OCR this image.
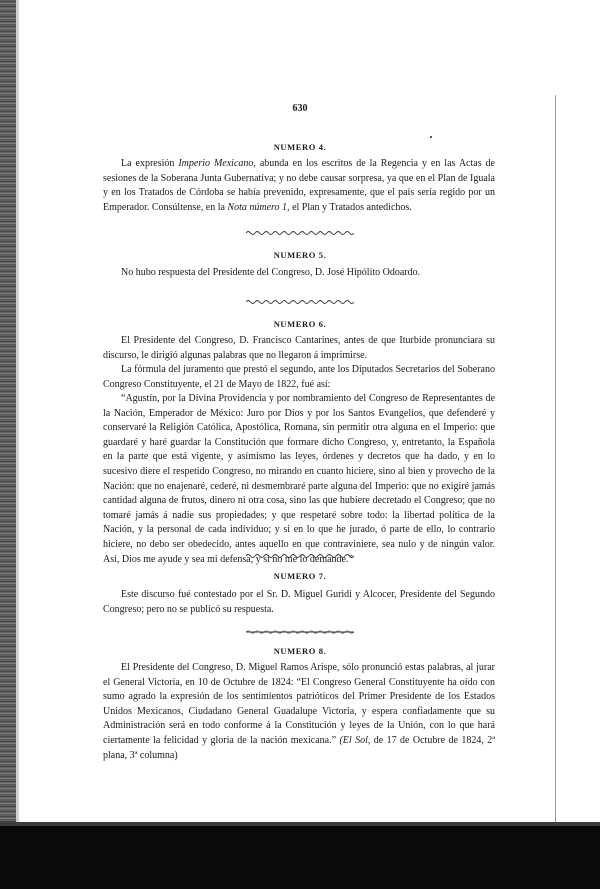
630
NUMERO 4.

La expresión Imperio Mexicano, abunda en los escritos de la Regencia y en las Actas de sesiones de la Soberana Junta Gubernativa; y no debe causar sorpresa, ya que en el Plan de Iguala y en los Tratados de Córdoba se había prevenido, expresamente, que el país sería regido por un Emperador. Consúltense, en la Nota número 1, el Plan y Tratados antedichos.

NUMERO 5.

No hubo respuesta del Presidente del Congreso, D. José Hipólito Odoardo.

NUMERO 6.

El Presidente del Congreso, D. Francisco Cantarines, antes de que Iturbide pronunciara su discurso, le dirigió algunas palabras que no llegaron á imprimirse.

La fórmula del juramento que prestó el segundo, ante los Diputados Secretarios del Soberano Congreso Constituyente, el 21 de Mayo de 1822, fué así:

“Agustín, por la Divina Providencia y por nombramiento del Congreso de Representantes de la Nación, Emperador de México: Juro por Dios y por los Santos Evangelios, que defenderé y conservaré la Religión Católica, Apostólica, Romana, sin permitir otra alguna en el Imperio: que guardaré y haré guardar la Constitución que formare dicho Congreso, y, entretanto, la Española en la parte que está vigente, y asímismo las leyes, órdenes y decretos que ha dado, y en lo sucesivo diere el respetido Congreso, no mirando en cuanto hiciere, sino al bien y provecho de la Nación: que no enajenaré, cederé, ni desmembraré parte alguna del Imperio: que no exigiré jamás cantidad alguna de frutos, dinero ni otra cosa, sino las que hubiere decretado el Congreso; que no tomaré jamás á nadie sus propiedades; y que respetaré sobre todo: la libertad política de la Nación, y la personal de cada individuo; y si en lo que he jurado, ó parte de ello, lo contrario hiciere, no debo ser obedecido, antes aquello en que contraviniere, sea nulo y de ningún valor. Así, Dios me ayude y sea mi defensa, y si no me lo demande.”

NUMERO 7.

Este discurso fué contestado por el Sr. D. Miguel Guridi y Alcocer, Presidente del Segundo Congreso; pero no se publicó su respuesta.

NUMERO 8.

El Presidente del Congreso, D. Miguel Ramos Arispe, sólo pronunció estas palabras, al jurar el General Victoria, en 10 de Octubre de 1824: “El Congreso General Constituyente ha oído con sumo agrado la expresión de los sentimientos patrióticos del Primer Presidente de los Estados Unidos Mexicanos, Ciudadano General Guadalupe Victoria, y espera confiadamente que su Administración será en todo conforme á la Constitución y leyes de la Unión, con lo que hará ciertamente la felicidad y gloria de la nación mexicana.” (El Sol, de 17 de Octubre de 1824, 2ª plana, 3ª columna)
